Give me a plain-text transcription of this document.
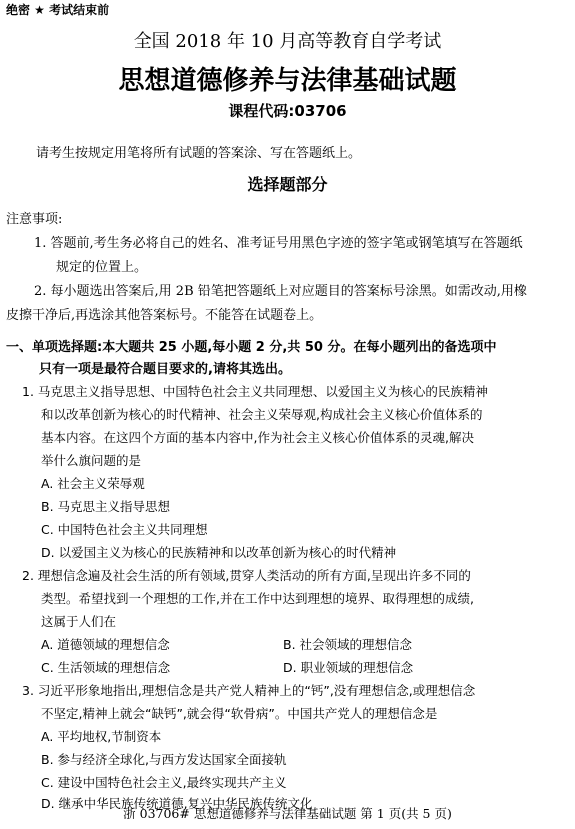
绝密 ★ 考试结束前
全国 2018 年 10 月高等教育自学考试
思想道德修养与法律基础试题
课程代码:03706
请考生按规定用笔将所有试题的答案涂、写在答题纸上。
选择题部分
注意事项:
1. 答题前,考生务必将自己的姓名、准考证号用黑色字迹的签字笔或钢笔填写在答题纸
规定的位置上。
2. 每小题选出答案后,用 2B 铅笔把答题纸上对应题目的答案标号涂黑。如需改动,用橡
皮擦干净后,再选涂其他答案标号。不能答在试题卷上。
一、单项选择题:本大题共 25 小题,每小题 2 分,共 50 分。在每小题列出的备选项中
只有一项是最符合题目要求的,请将其选出。
1. 马克思主义指导思想、中国特色社会主义共同理想、以爱国主义为核心的民族精神
和以改革创新为核心的时代精神、社会主义荣辱观,构成社会主义核心价值体系的
基本内容。在这四个方面的基本内容中,作为社会主义核心价值体系的灵魂,解决
举什么旗问题的是
A. 社会主义荣辱观
B. 马克思主义指导思想
C. 中国特色社会主义共同理想
D. 以爱国主义为核心的民族精神和以改革创新为核心的时代精神
2. 理想信念遍及社会生活的所有领域,贯穿人类活动的所有方面,呈现出许多不同的
类型。希望找到一个理想的工作,并在工作中达到理想的境界、取得理想的成绩,
这属于人们在
A. 道德领域的理想信念	B. 社会领域的理想信念
C. 生活领域的理想信念	D. 职业领域的理想信念
3. 习近平形象地指出,理想信念是共产党人精神上的“钙”,没有理想信念,或理想信念
不坚定,精神上就会“缺钙”,就会得“软骨病”。中国共产党人的理想信念是
A. 平均地权,节制资本
B. 参与经济全球化,与西方发达国家全面接轨
C. 建设中国特色社会主义,最终实现共产主义
D. 继承中华民族传统道德,复兴中华民族传统文化
浙 03706# 思想道德修养与法律基础试题 第 1 页(共 5 页)
